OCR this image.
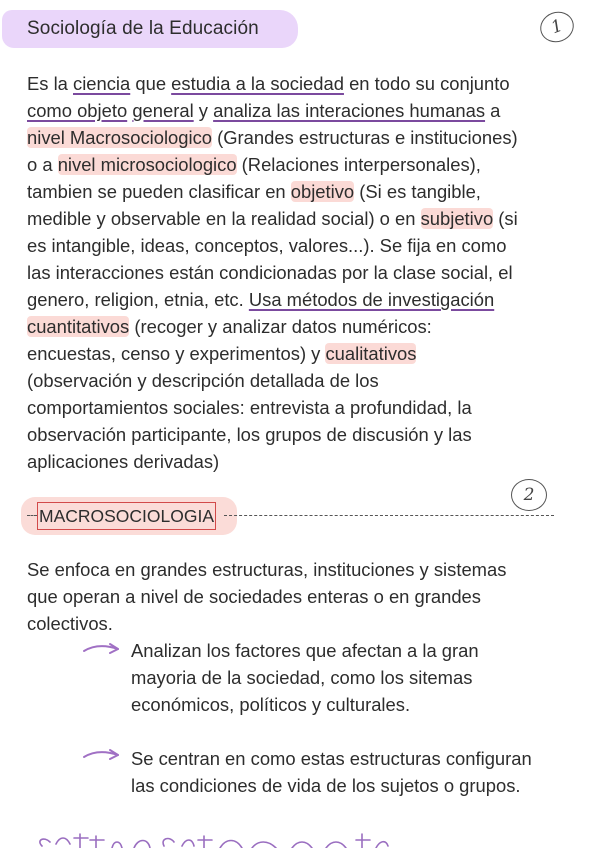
Sociología de la Educación	1
Es la ciencia que estudia a la sociedad en todo su conjunto
como objeto general y analiza las interaciones humanas a
nivel Macrosociologico (Grandes estructuras e instituciones)
o a nivel microsociologico (Relaciones interpersonales),
tambien se pueden clasificar en objetivo (Si es tangible,
medible y observable en la realidad social) o en subjetivo (si
es intangible, ideas, conceptos, valores...). Se fija en como
las interacciones están condicionadas por la clase social, el
genero, religion, etnia, etc. Usa métodos de investigación
cuantitativos (recoger y analizar datos numéricos:
encuestas, censo y experimentos) y cualitativos
(observación y descripción detallada de los
comportamientos sociales: entrevista a profundidad, la
observación participante, los grupos de discusión y las
aplicaciones derivadas)
2
MACROSOCIOLOGIA
Se enfoca en grandes estructuras, instituciones y sistemas
que operan a nivel de sociedades enteras o en grandes
colectivos.
Analizan los factores que afectan a la gran
mayoria de la sociedad, como los sitemas
económicos, políticos y culturales.
Se centran en como estas estructuras configuran
las condiciones de vida de los sujetos o grupos.
